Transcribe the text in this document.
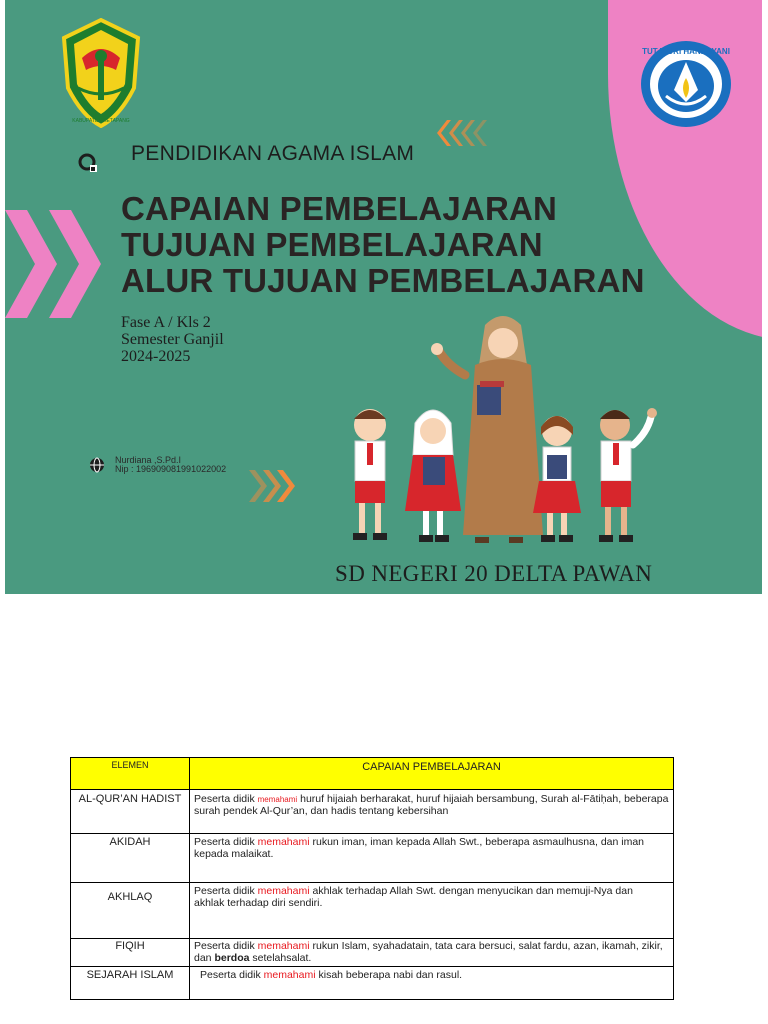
KABUPATEN KETAPANG
TUT WURI HANDAYANI
PENDIDIKAN AGAMA ISLAM
CAPAIAN PEMBELAJARAN
TUJUAN PEMBELAJARAN
ALUR TUJUAN PEMBELAJARAN
Fase A / Kls 2
Semester Ganjil
2024-2025
Nurdiana ,S.Pd.I
Nip : 196909081991022002
SD NEGERI 20 DELTA PAWAN
ELEMEN	CAPAIAN PEMBELAJARAN
AL-QUR’AN HADIST	Peserta didik memahami huruf hijaiah berharakat, huruf hijaiah bersambung, Surah al-Fātiḥah, beberapa surah pendek Al-Qur’an, dan hadis tentang kebersihan
AKIDAH	Peserta didik memahami rukun iman, iman kepada Allah Swt., beberapa asmaulhusna, dan iman
kepada malaikat.
AKHLAQ	Peserta didik memahami akhlak terhadap Allah Swt. dengan menyucikan dan memuji-Nya dan
akhlak terhadap diri sendiri.
FIQIH	Peserta didik memahami rukun Islam, syahadatain, tata cara bersuci, salat fardu, azan, ikamah, zikir, dan berdoa setelahsalat.
SEJARAH ISLAM	Peserta didik memahami kisah beberapa nabi dan rasul.
